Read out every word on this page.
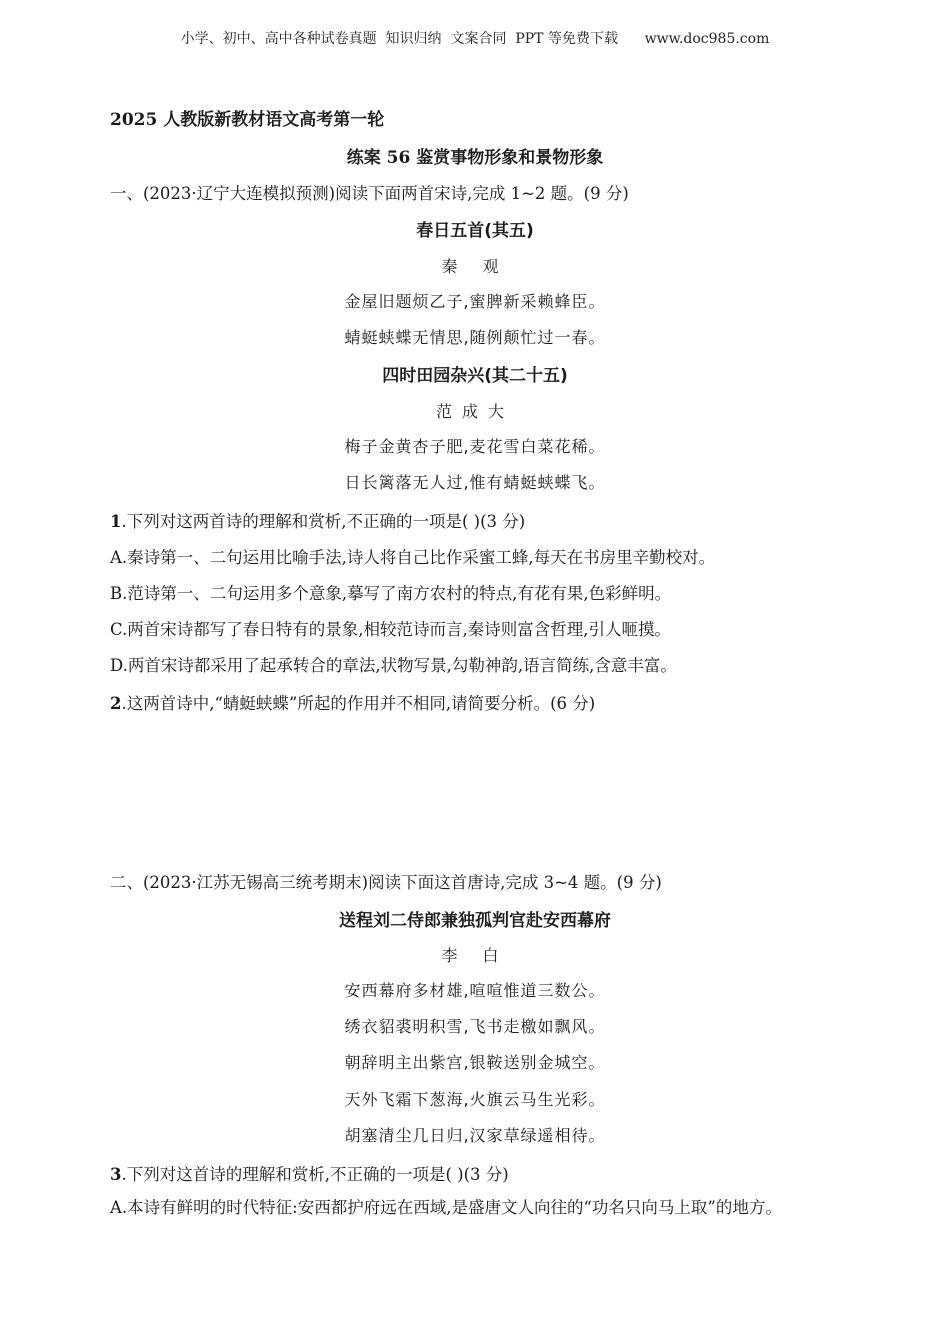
小学、初中、高中各种试卷真题  知识归纳  文案合同  PPT 等免费下载      www.doc985.com
2025 人教版新教材语文高考第一轮
练案 56 鉴赏事物形象和景物形象
一、(2023·辽宁大连模拟预测)阅读下面两首宋诗,完成 1~2 题。(9 分)
春日五首(其五)
秦 观
金屋旧题烦乙子,蜜脾新采赖蜂臣。
蜻蜓蛱蝶无情思,随例颠忙过一春。
四时田园杂兴(其二十五)
范成大
梅子金黄杏子肥,麦花雪白菜花稀。
日长篱落无人过,惟有蜻蜓蛱蝶飞。
1.下列对这两首诗的理解和赏析,不正确的一项是( )(3 分)
A.秦诗第一、二句运用比喻手法,诗人将自己比作采蜜工蜂,每天在书房里辛勤校对。
B.范诗第一、二句运用多个意象,摹写了南方农村的特点,有花有果,色彩鲜明。
C.两首宋诗都写了春日特有的景象,相较范诗而言,秦诗则富含哲理,引人咂摸。
D.两首宋诗都采用了起承转合的章法,状物写景,勾勒神韵,语言简练,含意丰富。
2.这两首诗中,“蜻蜓蛱蝶”所起的作用并不相同,请简要分析。(6 分)
二、(2023·江苏无锡高三统考期末)阅读下面这首唐诗,完成 3~4 题。(9 分)
送程刘二侍郎兼独孤判官赴安西幕府
李 白
安西幕府多材雄,喧喧惟道三数公。
绣衣貂裘明积雪,飞书走檄如飘风。
朝辞明主出紫宫,银鞍送别金城空。
天外飞霜下葱海,火旗云马生光彩。
胡塞清尘几日归,汉家草绿遥相待。
3.下列对这首诗的理解和赏析,不正确的一项是( )(3 分)
A.本诗有鲜明的时代特征:安西都护府远在西域,是盛唐文人向往的“功名只向马上取”的地方。
